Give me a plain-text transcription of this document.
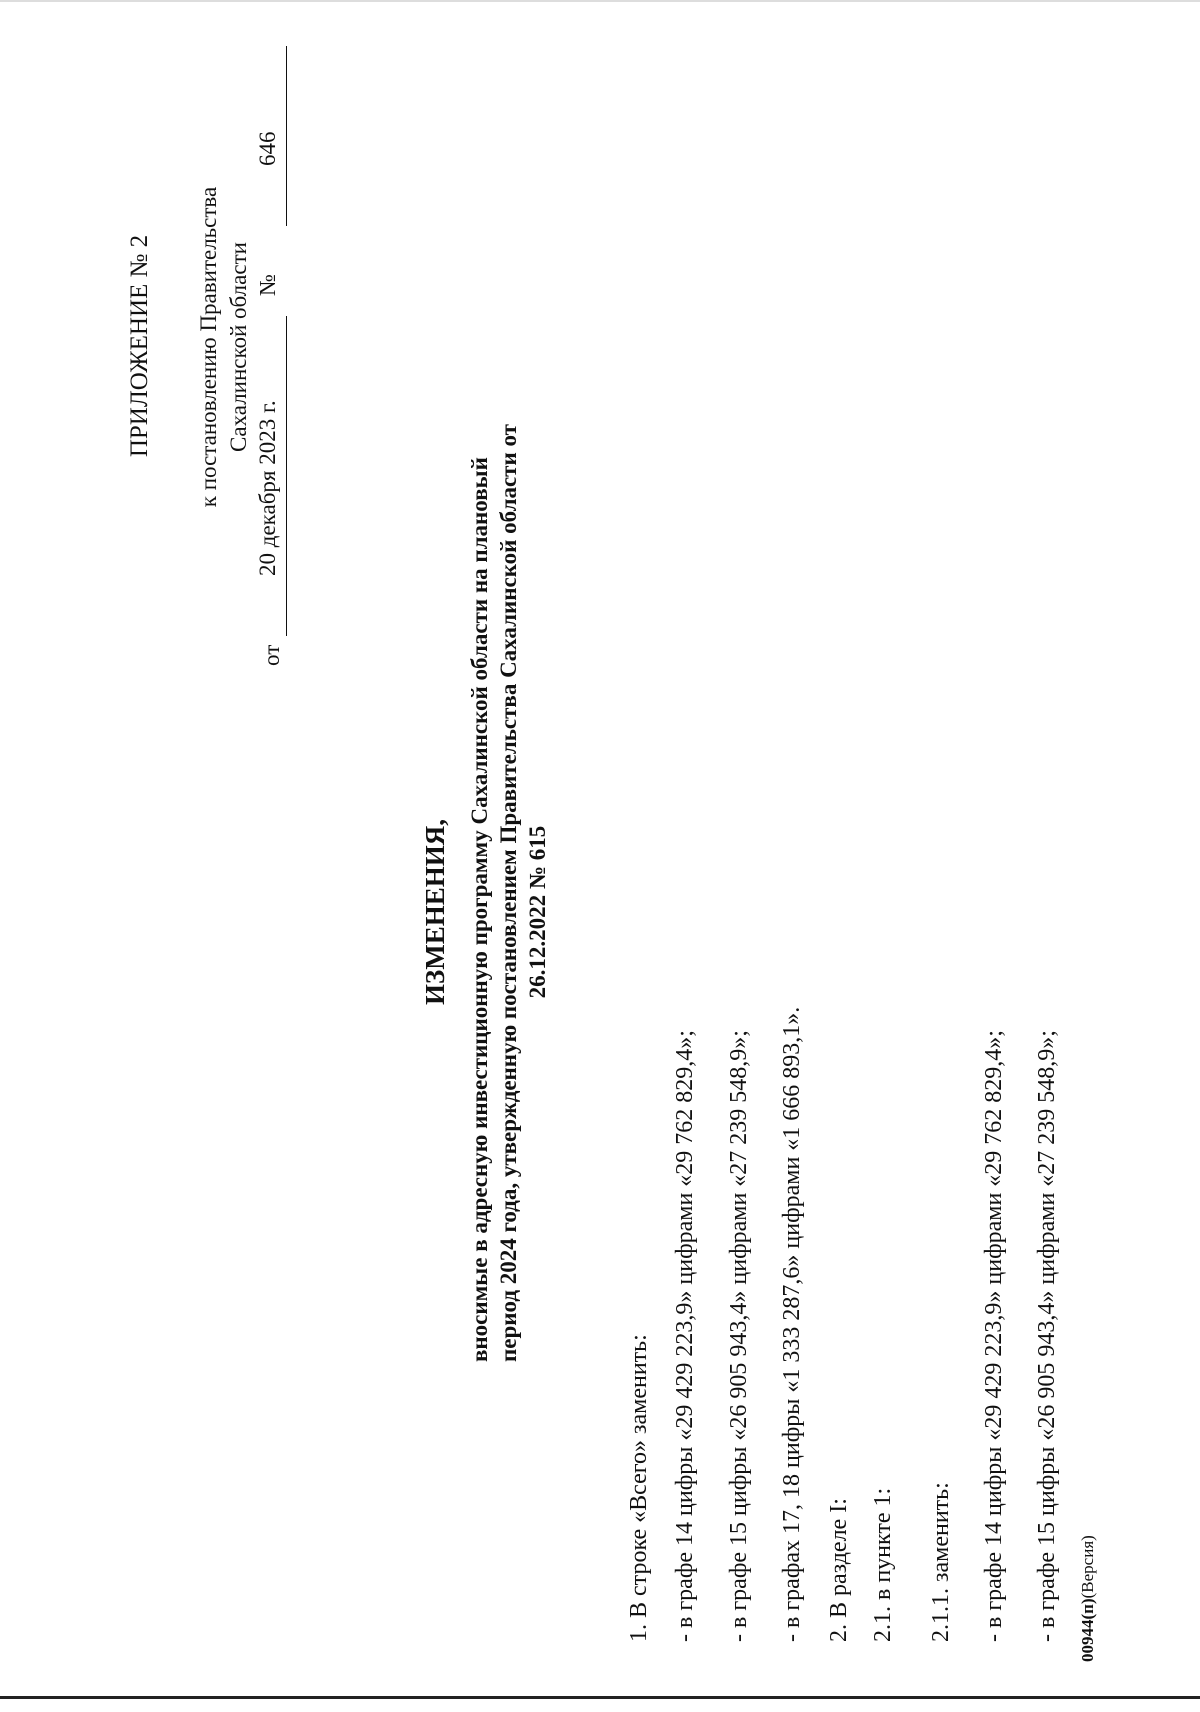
ПРИЛОЖЕНИЕ № 2 к постановлению Правительства Сахалинской области
от
20 декабря 2023 г.
№
646
ИЗМЕНЕНИЯ, вносимые в адресную инвестиционную программу Сахалинской области на плановый период 2024 года, утвержденную постановлением Правительства Сахалинской области от 26.12.2022 № 615
1. В строке «Всего» заменить: - в графе 14 цифры «29 429 223,9» цифрами «29 762 829,4»; - в графе 15 цифры «26 905 943,4» цифрами «27 239 548,9»; - в графах 17, 18 цифры «1 333 287,6» цифрами «1 666 893,1». 2. В разделе I: 2.1. в пункте 1: 2.1.1. заменить: - в графе 14 цифры «29 429 223,9» цифрами «29 762 829,4»; - в графе 15 цифры «26 905 943,4» цифрами «27 239 548,9»; 00944(п)(Версия)
